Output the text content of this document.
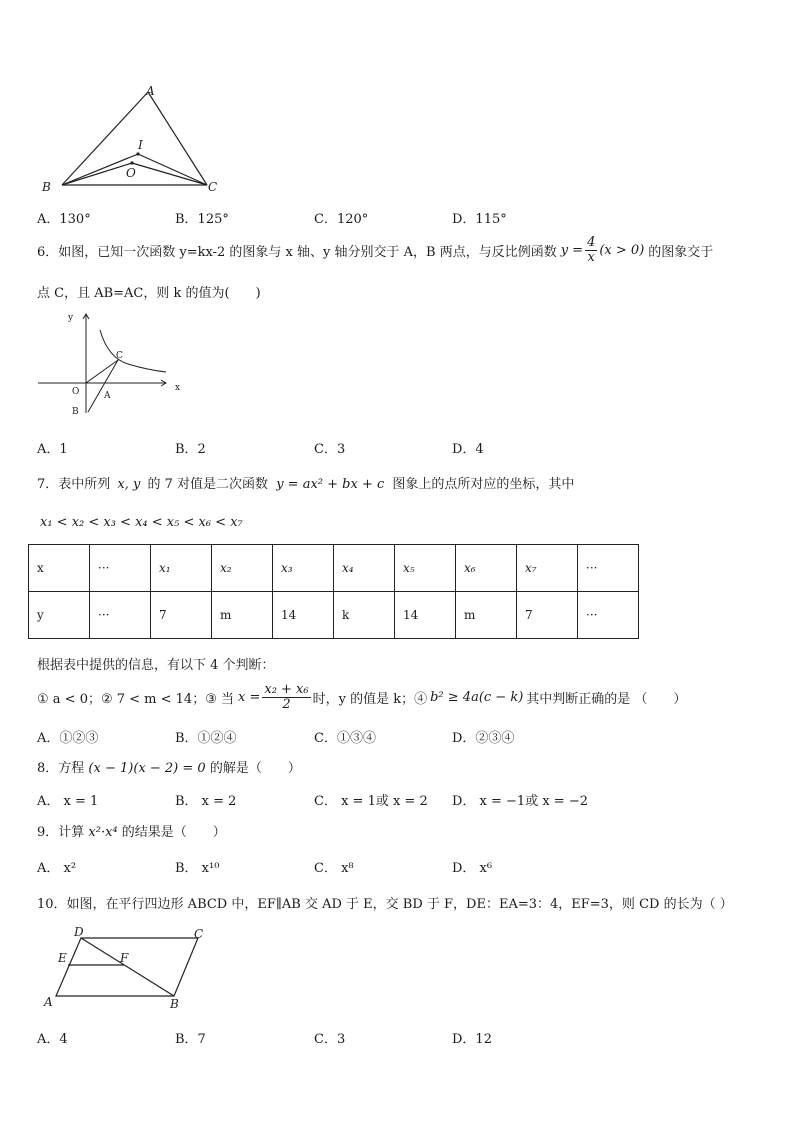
A
I
O
B	C
A．130°	B．125°	C．120°	D．115°
6．如图，已知一次函数 y=kx-2 的图象与 x 轴、y 轴分别交于 A，B 两点，与反比例函数 $y = \frac{4}{x} (x > 0)$ 的图象交于
点 C，且 AB=AC，则 k 的值为(　　)
y
x
O	A
B
C
A．1	B．2	C．3	D．4
7．表中所列 x, y 的 7 对值是二次函数 y = ax² + bx + c 图象上的点所对应的坐标，其中
x₁ < x₂ < x₃ < x₄ < x₅ < x₆ < x₇
x	···	x₁	x₂	x₃	x₄	x₅	x₆	x₇	···
y	···	7	m	14	k	14	m	7	···
根据表中提供的信息，有以下 4 个判断：
① a < 0；② 7 < m < 14；③ 当 $x = \frac{\text{x₂ + x₆}}{2}$ 时，y 的值是 k；④ b² ≥ 4a(c − k) 其中判断正确的是 （　　）
A．①②③	B．①②④	C．①③④	D．②③④
8．方程 (x − 1)(x − 2) = 0 的解是（　　）
A． x = 1	B． x = 2	C． x = 1或 x = 2 D． x = −1或 x = −2
9．计算 x²·x⁴ 的结果是（　　）
A． x²	B． x¹⁰	C． x⁸	D． x⁶
10．如图，在平行四边形 ABCD 中，EF∥AB 交 AD 于 E，交 BD 于 F，DE：EA=3：4，EF=3，则 CD 的长为（ ）
D	C
E	F
A	B
A．4	B．7	C．3	D．12
